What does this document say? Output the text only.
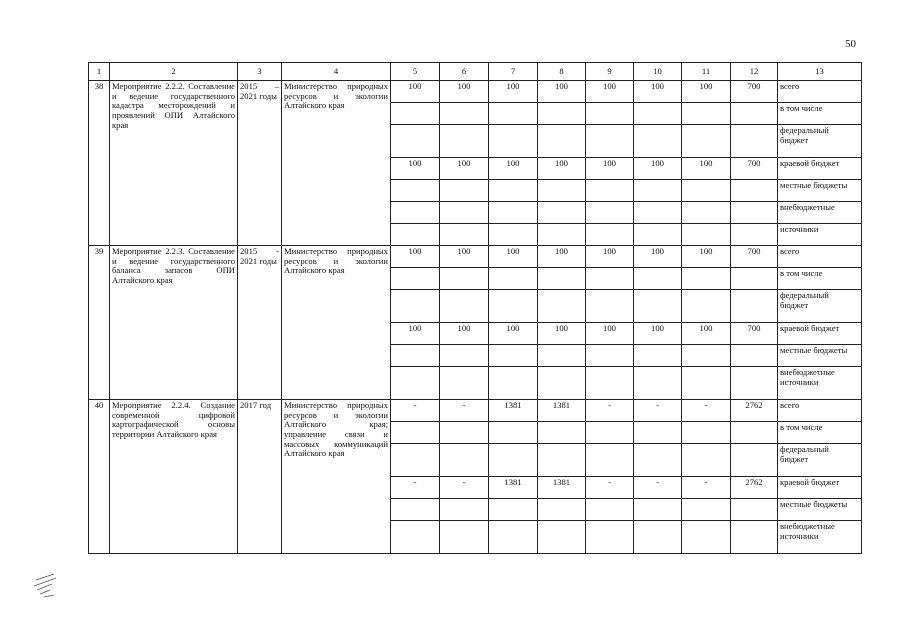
50
1	2	3	4	5	6	7	8	9	10	11	12	13
38	Мероприятие 2.2.2. Составление и ведение государственного кадастра месторождений и проявлений ОПИ Алтайского края	2015 – 2021 годы	Министерство природных ресурсов и экологии Алтайского края	100	100	100	100	100	100	100	700	всего
												в том числе
												федеральный бюджет
				100	100	100	100	100	100	100	700	краевой бюджет
												местные бюджеты
												внебюджетные
												источники
39	Мероприятие 2.2.3. Составление и ведение государственного баланса запасов ОПИ Алтайского края	2015 - 2021 годы	Министерство природных ресурсов и экологии Алтайского края	100	100	100	100	100	100	100	700	всего
												в том числе
												федеральный бюджет
				100	100	100	100	100	100	100	700	краевой бюджет
												местные бюджеты
												внебюджетные источники
40	Мероприятие 2.2.4. Создание современной цифровой картографической основы территории Алтайского края	2017 год	Министерство природных ресурсов и экологии Алтайского края; управление связи и массовых коммуникаций Алтайского края	-	-	1381	1381	-	-	-	2762	всего
												в том числе
												федеральный бюджет
				-	-	1381	1381	-	-	-	2762	краевой бюджет
												местные бюджеты
												внебюджетные источники
